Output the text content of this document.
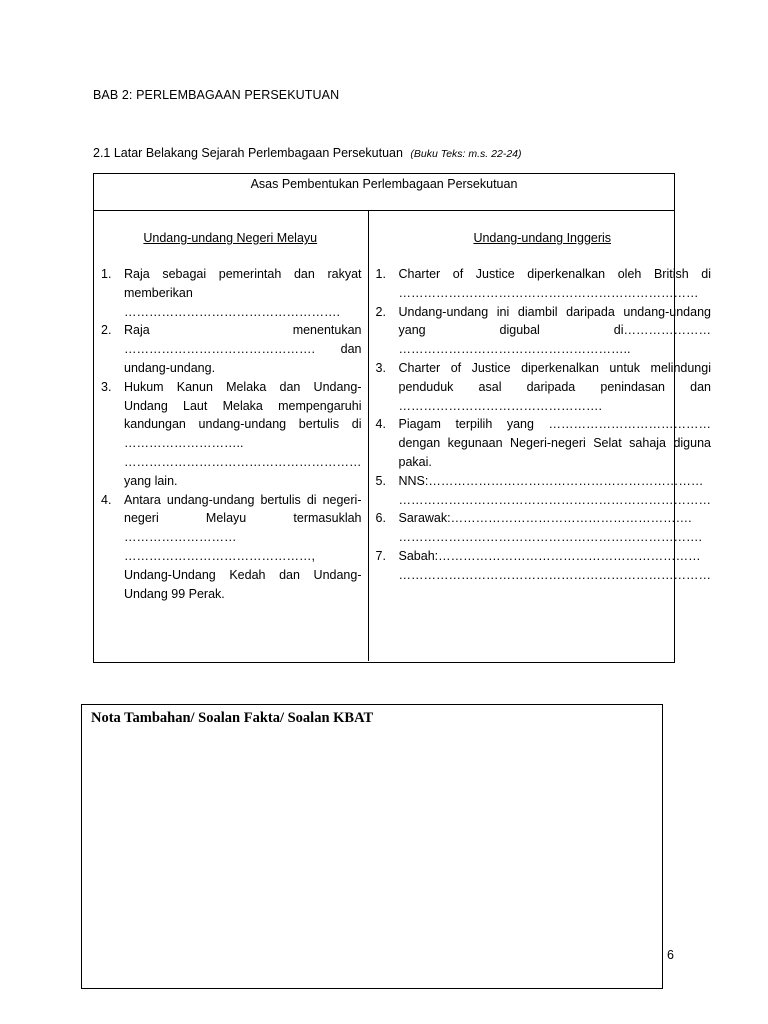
BAB 2: PERLEMBAGAAN PERSEKUTUAN
2.1 Latar Belakang Sejarah Perlembagaan Persekutuan (Buku Teks: m.s. 22-24)
Asas Pembentukan Perlembagaan Persekutuan
Undang-undang Negeri Melayu
1. Raja sebagai pemerintah dan rakyat memberikan …………………………………………….
2. Raja menentukan ………………………………………. dan undang-undang.
3. Hukum Kanun Melaka dan Undang-Undang Laut Melaka mempengaruhi kandungan undang-undang bertulis di ……………………….. ………………………………………………… yang lain.
4. Antara undang-undang bertulis di negeri-negeri Melayu termasuklah ……………………… ………………………………………, Undang-Undang Kedah dan Undang-Undang 99 Perak.
Undang-undang Inggeris
1. Charter of Justice diperkenalkan oleh British di ………………………………………………………………
2. Undang-undang ini diambil daripada undang-undang yang digubal di………………… ………………………………………………..
3. Charter of Justice diperkenalkan untuk melindungi penduduk asal daripada penindasan dan ………………………………………….
4. Piagam terpilih yang ………………………………… dengan kegunaan Negeri-negeri Selat sahaja diguna pakai.
5. NNS:………………………………………………………… …………………………………………………………………
6. Sarawak:…………………………………………………. ……………………………………………………………….
7. Sabah:……………………………………………………… …………………………………………………………………
Nota Tambahan/ Soalan Fakta/ Soalan KBAT
6
